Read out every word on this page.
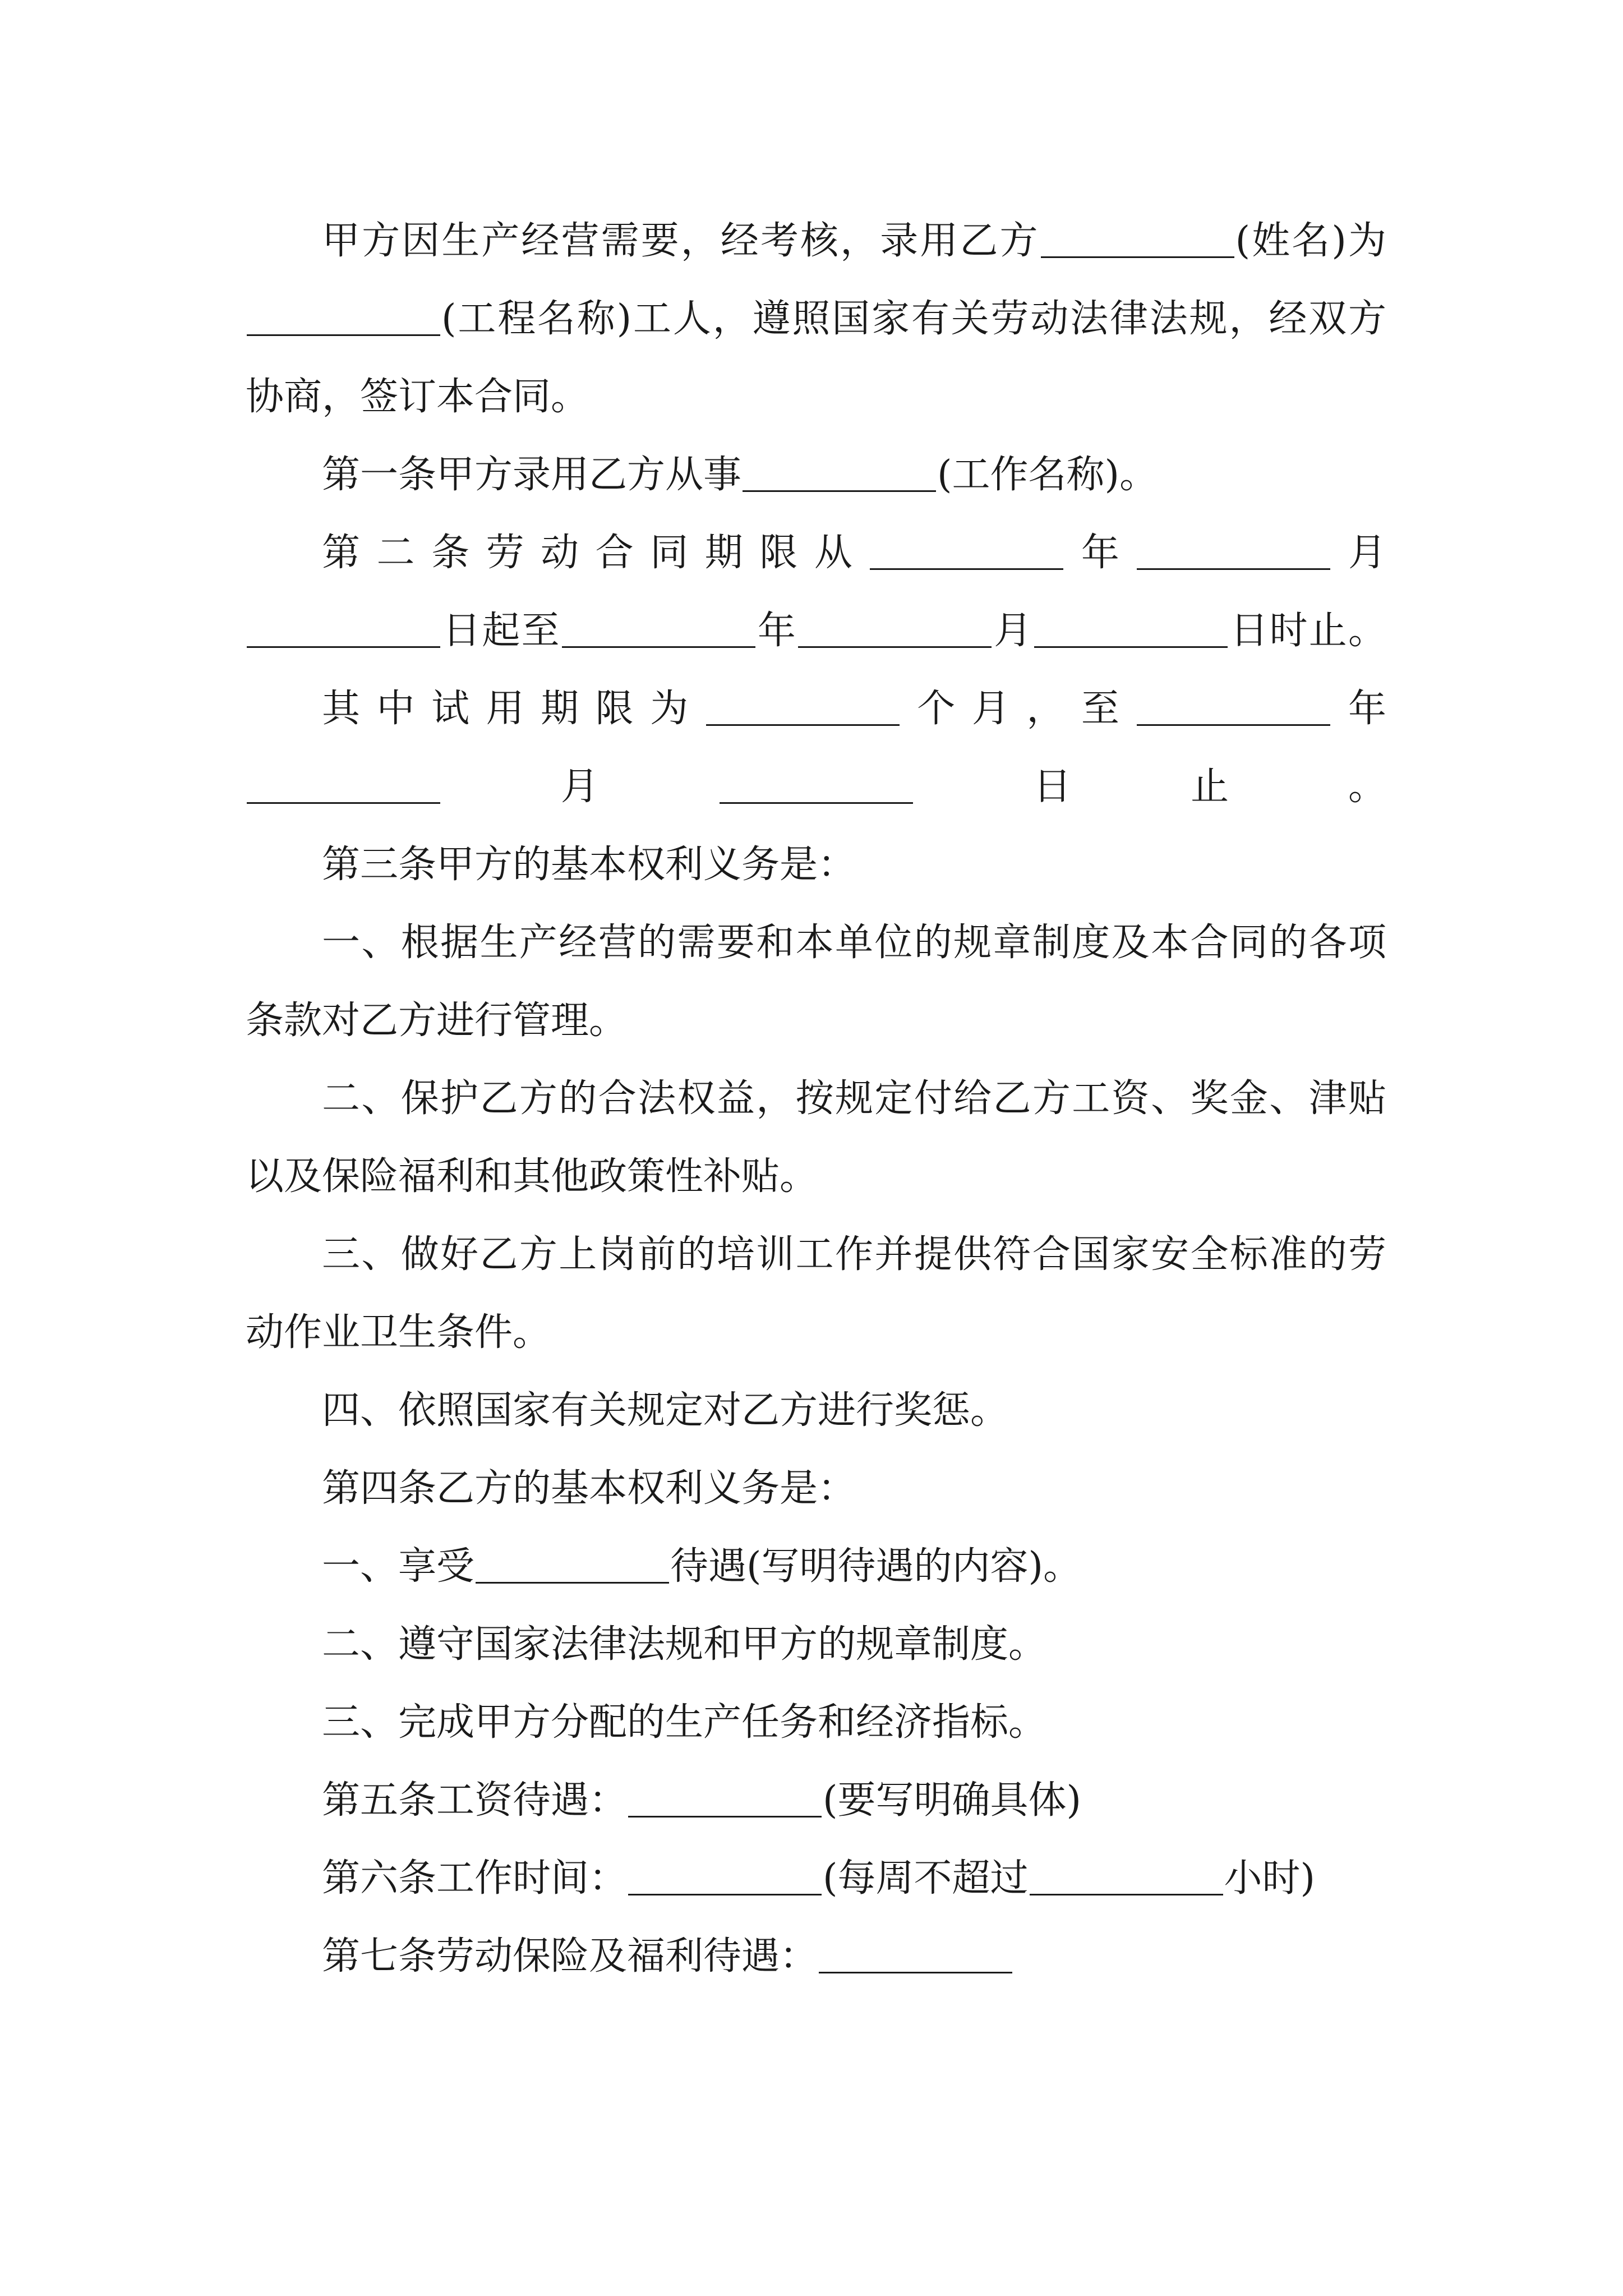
甲方因生产经营需要，经考核，录用乙方	(姓名)为(工程名称)工人，遵照国家有关劳动法律法规，经双方协商，签订本合同。

第一条甲方录用乙方从事	(工作名称)。

第二条劳动合同期限从	年	月
日起至	年	月	日时止。

其中试用期限为	个月，至	年
月	日止。

第三条甲方的基本权利义务是：

一、根据生产经营的需要和本单位的规章制度及本合同的各项条款对乙方进行管理。

二、保护乙方的合法权益，按规定付给乙方工资、奖金、津贴以及保险福利和其他政策性补贴。

三、做好乙方上岗前的培训工作并提供符合国家安全标准的劳动作业卫生条件。

四、依照国家有关规定对乙方进行奖惩。

第四条乙方的基本权利义务是：

一、享受	待遇(写明待遇的内容)。

二、遵守国家法律法规和甲方的规章制度。

三、完成甲方分配的生产任务和经济指标。

第五条工资待遇：	(要写明确具体)

第六条工作时间：	(每周不超过	小时)

第七条劳动保险及福利待遇：
